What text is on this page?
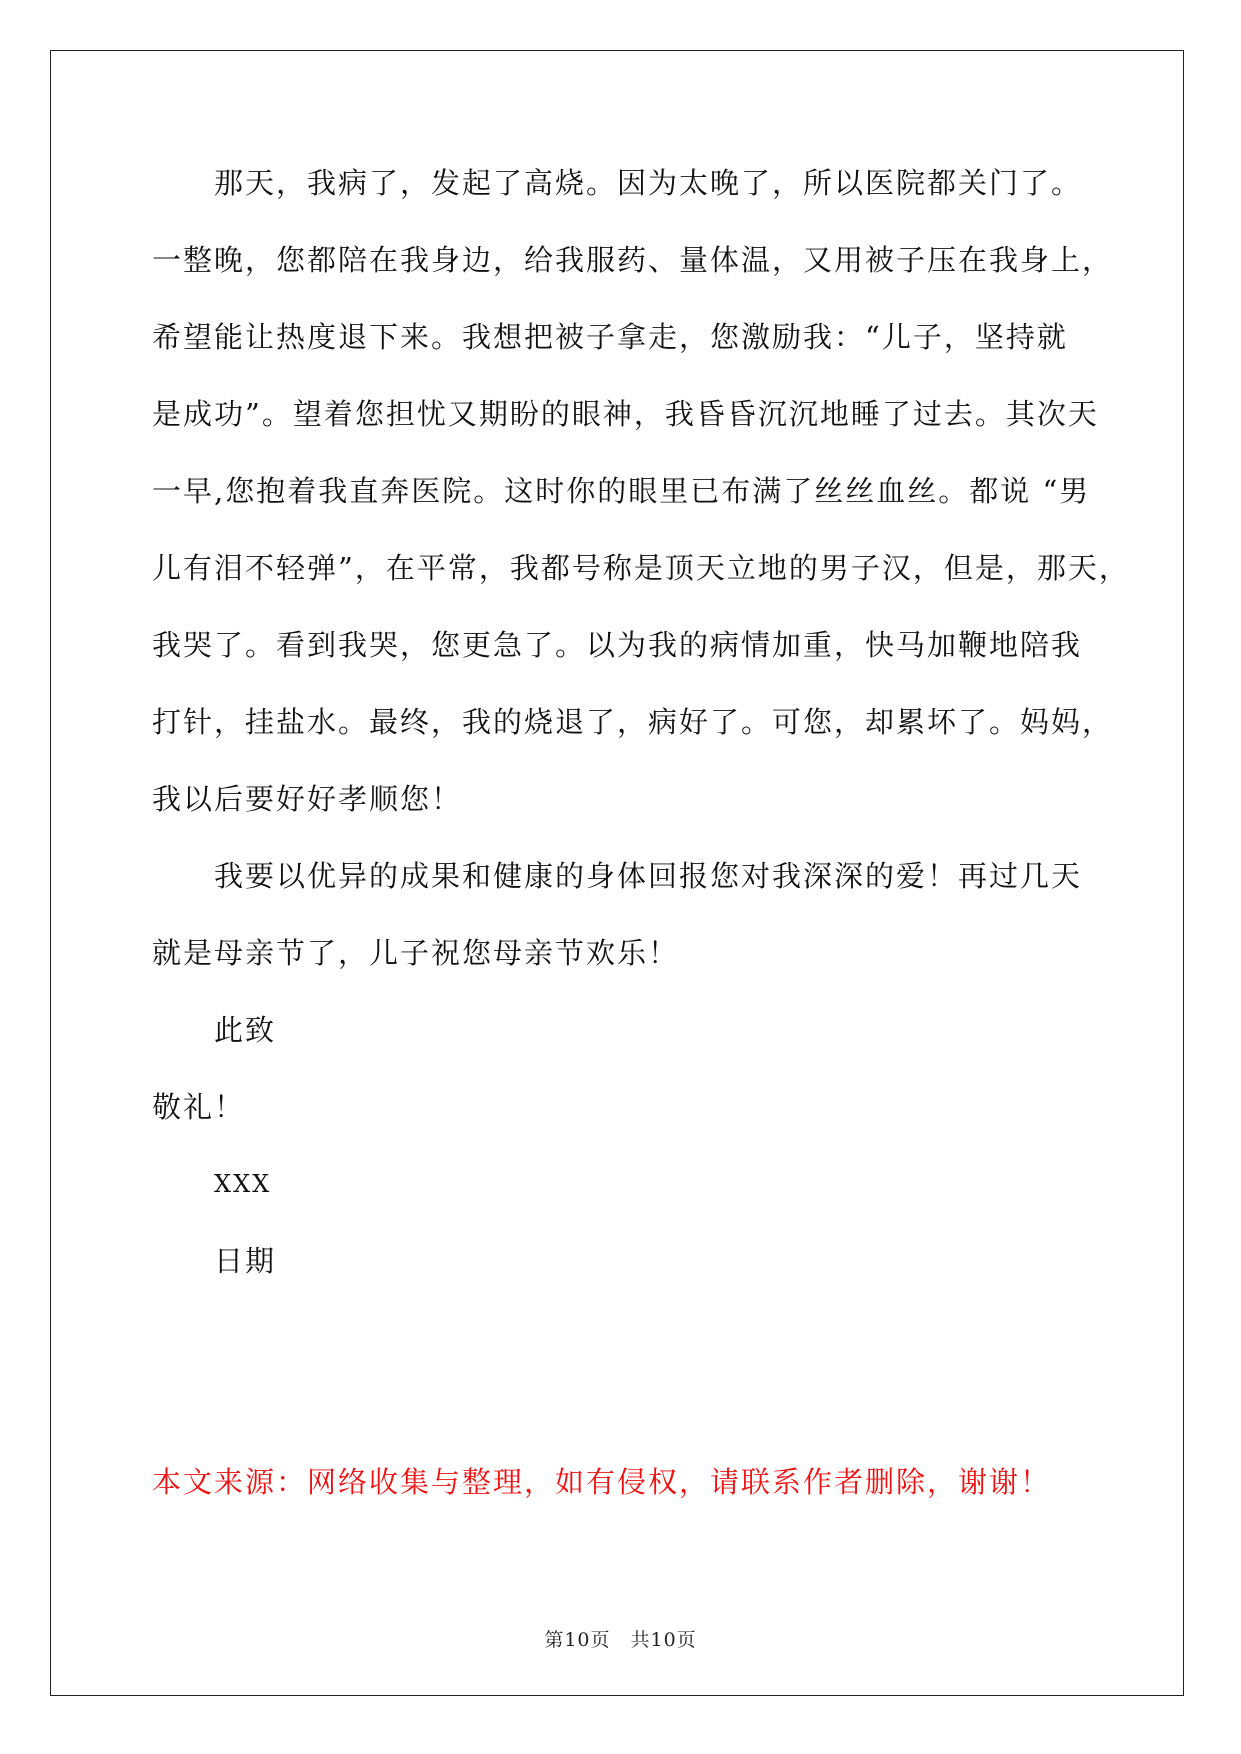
那天，我病了，发起了高烧。因为太晚了，所以医院都关门了。
一整晚，您都陪在我身边，给我服药、量体温，又用被子压在我身上，
希望能让热度退下来。我想把被子拿走，您激励我：“儿子，坚持就
是成功”。望着您担忧又期盼的眼神，我昏昏沉沉地睡了过去。其次天
一早,您抱着我直奔医院。这时你的眼里已布满了丝丝血丝。都说 “男
儿有泪不轻弹”，在平常，我都号称是顶天立地的男子汉，但是，那天，
我哭了。看到我哭，您更急了。以为我的病情加重，快马加鞭地陪我
打针，挂盐水。最终，我的烧退了，病好了。可您，却累坏了。妈妈，
我以后要好好孝顺您！
我要以优异的成果和健康的身体回报您对我深深的爱！再过几天
就是母亲节了，儿子祝您母亲节欢乐！
此致
敬礼！
XXX
日期
本文来源：网络收集与整理，如有侵权，请联系作者删除，谢谢！
第10页　共10页
